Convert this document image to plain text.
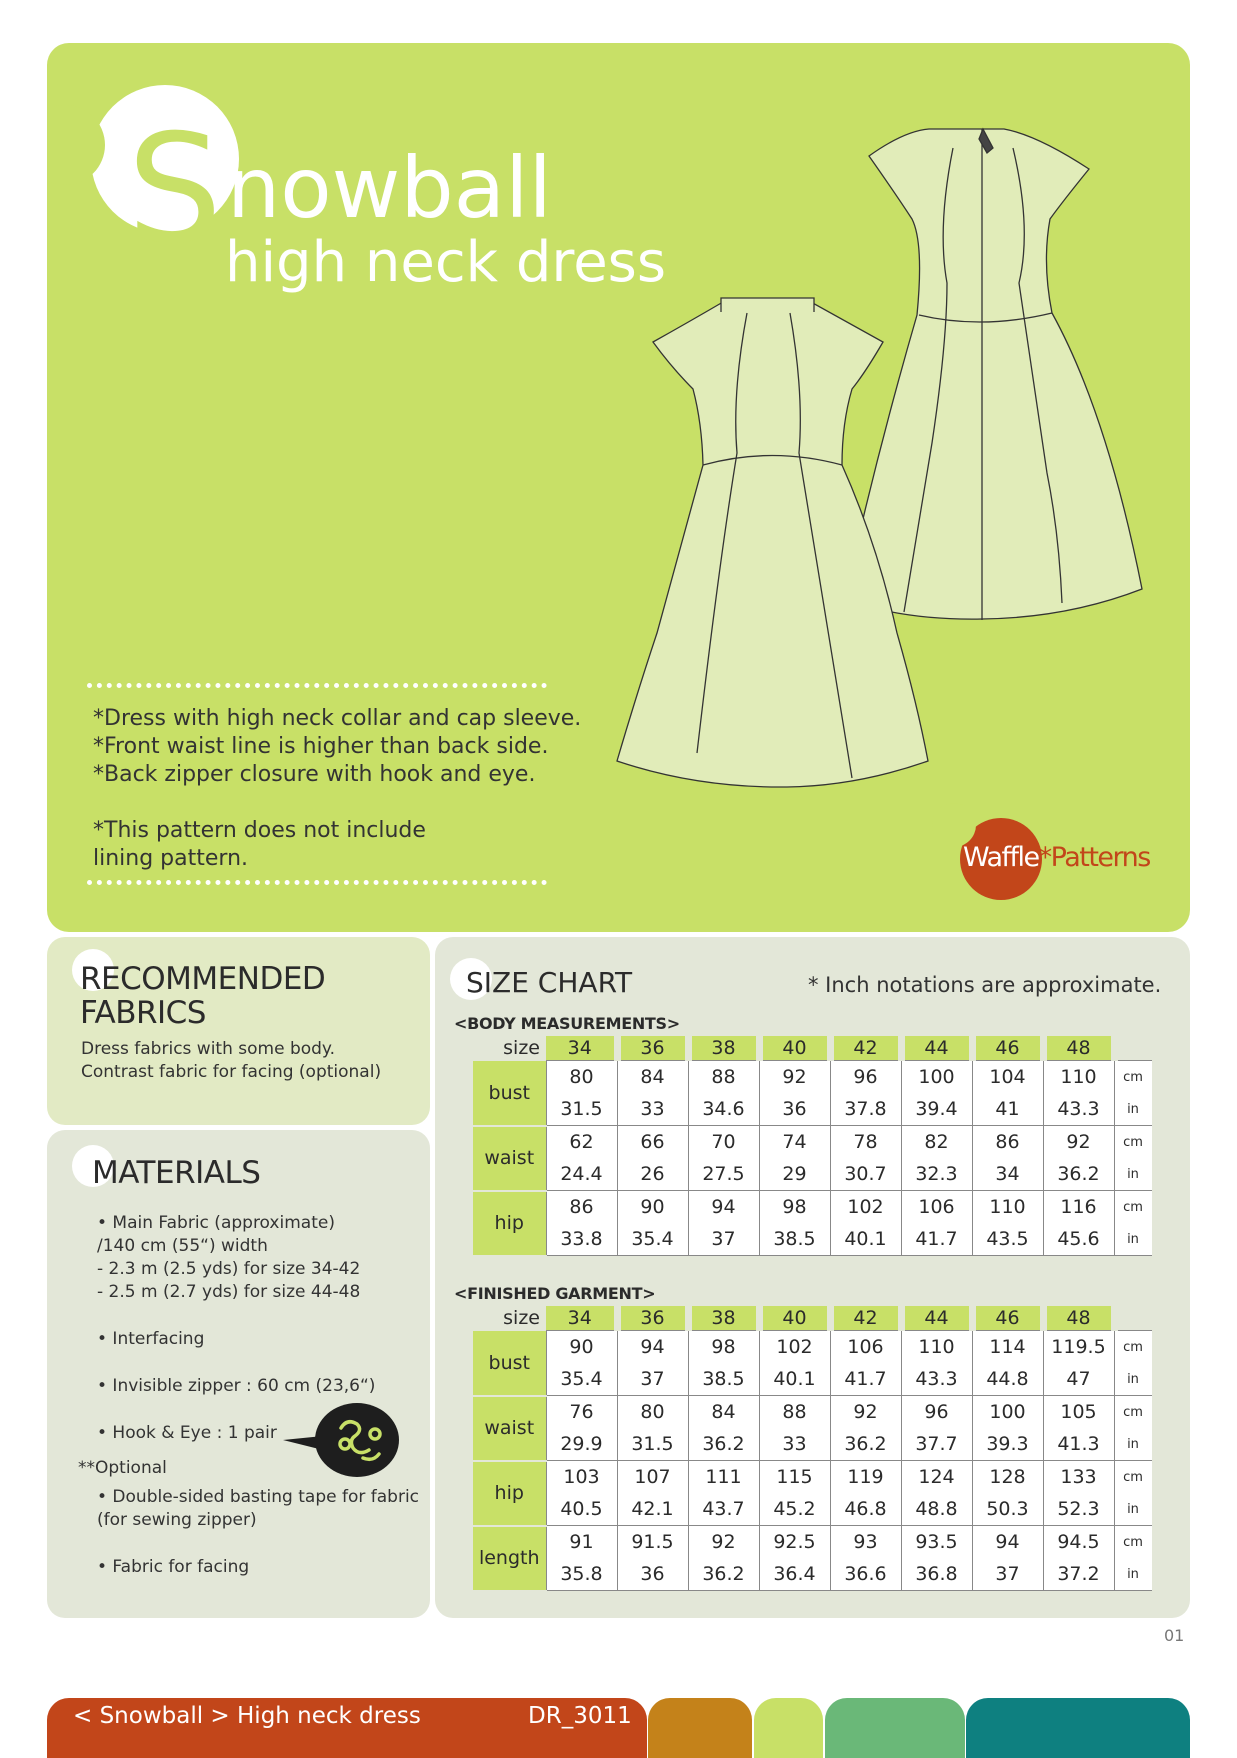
S nowball
high neck dress
*Dress with high neck collar and cap sleeve.
*Front waist line is higher than back side.
*Back zipper closure with hook and eye.
*This pattern does not include
lining pattern.	Waffle*Patterns
RECOMMENDED
FABRICS
Dress fabrics with some body.
Contrast fabric for facing (optional)
MATERIALS
• Main Fabric (approximate)
/140 cm (55“) width
- 2.3 m (2.5 yds) for size 34-42
- 2.5 m (2.7 yds) for size 44-48
• Interfacing
• Invisible zipper : 60 cm (23,6“)
• Hook & Eye : 1 pair
**Optional
• Double-sided basting tape for fabric
(for sewing zipper)
• Fabric for facing
SIZE CHART	* Inch notations are approximate.
<BODY MEASUREMENTS>
size	34	36	38	40	42	44	46	48	
bust	80	84	88	92	96	100	104	110	cm
	31.5	33	34.6	36	37.8	39.4	41	43.3	in
waist	62	66	70	74	78	82	86	92	cm
	24.4	26	27.5	29	30.7	32.3	34	36.2	in
hip	86	90	94	98	102	106	110	116	cm
	33.8	35.4	37	38.5	40.1	41.7	43.5	45.6	in
<FINISHED GARMENT>
size	34	36	38	40	42	44	46	48	
bust	90	94	98	102	106	110	114	119.5	cm
	35.4	37	38.5	40.1	41.7	43.3	44.8	47	in
waist	76	80	84	88	92	96	100	105	cm
	29.9	31.5	36.2	33	36.2	37.7	39.3	41.3	in
hip	103	107	111	115	119	124	128	133	cm
	40.5	42.1	43.7	45.2	46.8	48.8	50.3	52.3	in
length	91	91.5	92	92.5	93	93.5	94	94.5	cm
	35.8	36	36.2	36.4	36.6	36.8	37	37.2	in
01
< Snowball > High neck dress	DR_3011
